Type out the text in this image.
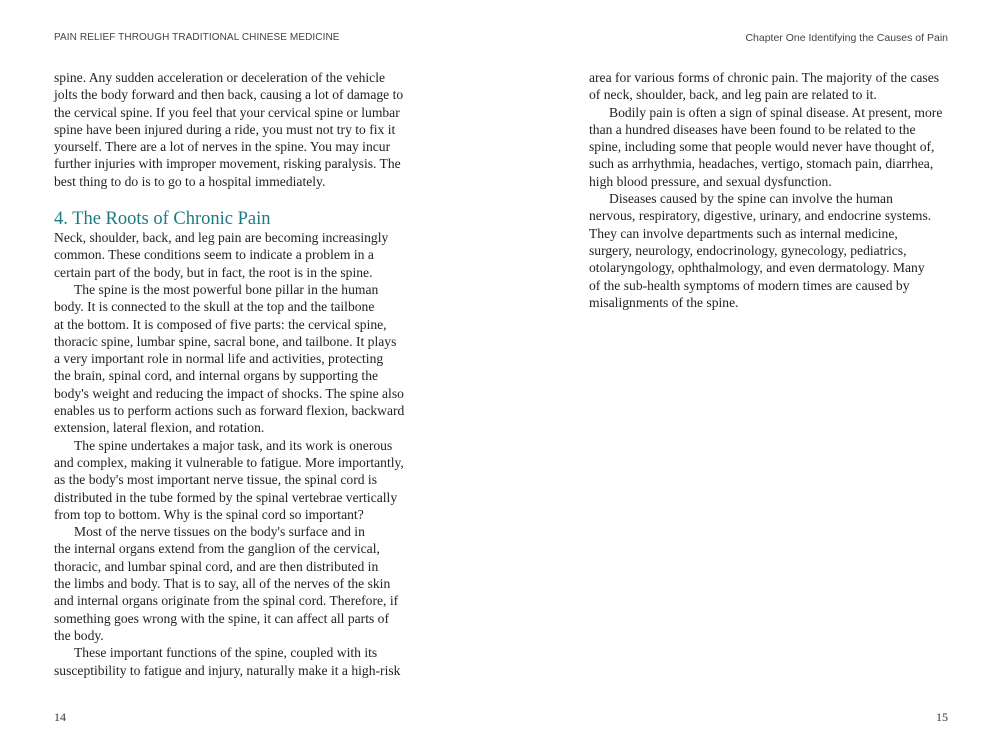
PAIN RELIEF THROUGH TRADITIONAL CHINESE MEDICINE	Chapter One Identifying the Causes of Pain
spine. Any sudden acceleration or deceleration of the vehicle
jolts the body forward and then back, causing a lot of damage to
the cervical spine. If you feel that your cervical spine or lumbar
spine have been injured during a ride, you must not try to fix it
yourself. There are a lot of nerves in the spine. You may incur
further injuries with improper movement, risking paralysis. The
best thing to do is to go to a hospital immediately.
4. The Roots of Chronic Pain
Neck, shoulder, back, and leg pain are becoming increasingly
common. These conditions seem to indicate a problem in a
certain part of the body, but in fact, the root is in the spine.
The spine is the most powerful bone pillar in the human
body. It is connected to the skull at the top and the tailbone
at the bottom. It is composed of five parts: the cervical spine,
thoracic spine, lumbar spine, sacral bone, and tailbone. It plays
a very important role in normal life and activities, protecting
the brain, spinal cord, and internal organs by supporting the
body's weight and reducing the impact of shocks. The spine also
enables us to perform actions such as forward flexion, backward
extension, lateral flexion, and rotation.
The spine undertakes a major task, and its work is onerous
and complex, making it vulnerable to fatigue. More importantly,
as the body's most important nerve tissue, the spinal cord is
distributed in the tube formed by the spinal vertebrae vertically
from top to bottom. Why is the spinal cord so important?
Most of the nerve tissues on the body's surface and in
the internal organs extend from the ganglion of the cervical,
thoracic, and lumbar spinal cord, and are then distributed in
the limbs and body. That is to say, all of the nerves of the skin
and internal organs originate from the spinal cord. Therefore, if
something goes wrong with the spine, it can affect all parts of
the body.
These important functions of the spine, coupled with its
susceptibility to fatigue and injury, naturally make it a high-risk
area for various forms of chronic pain. The majority of the cases
of neck, shoulder, back, and leg pain are related to it.
Bodily pain is often a sign of spinal disease. At present, more
than a hundred diseases have been found to be related to the
spine, including some that people would never have thought of,
such as arrhythmia, headaches, vertigo, stomach pain, diarrhea,
high blood pressure, and sexual dysfunction.
Diseases caused by the spine can involve the human
nervous, respiratory, digestive, urinary, and endocrine systems.
They can involve departments such as internal medicine,
surgery, neurology, endocrinology, gynecology, pediatrics,
otolaryngology, ophthalmology, and even dermatology. Many
of the sub-health symptoms of modern times are caused by
misalignments of the spine.
14	15
